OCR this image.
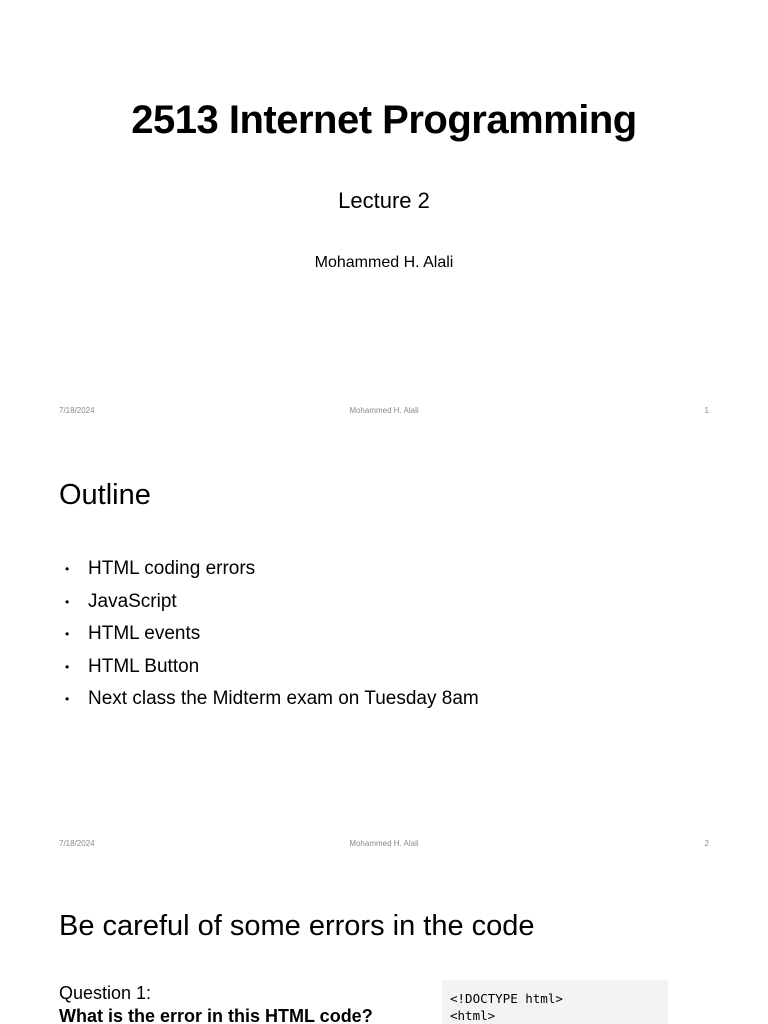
2513 Internet Programming
Lecture 2
Mohammed H. Alali
7/18/2024	Mohammed H. Alali	1
Outline
• HTML coding errors
• JavaScript
• HTML events
• HTML Button
• Next class the Midterm exam on Tuesday 8am
7/18/2024	Mohammed H. Alali	2
Be careful of some errors in the code
Question 1:
What is the error in this HTML code?
<!DOCTYPE html>
<html>
